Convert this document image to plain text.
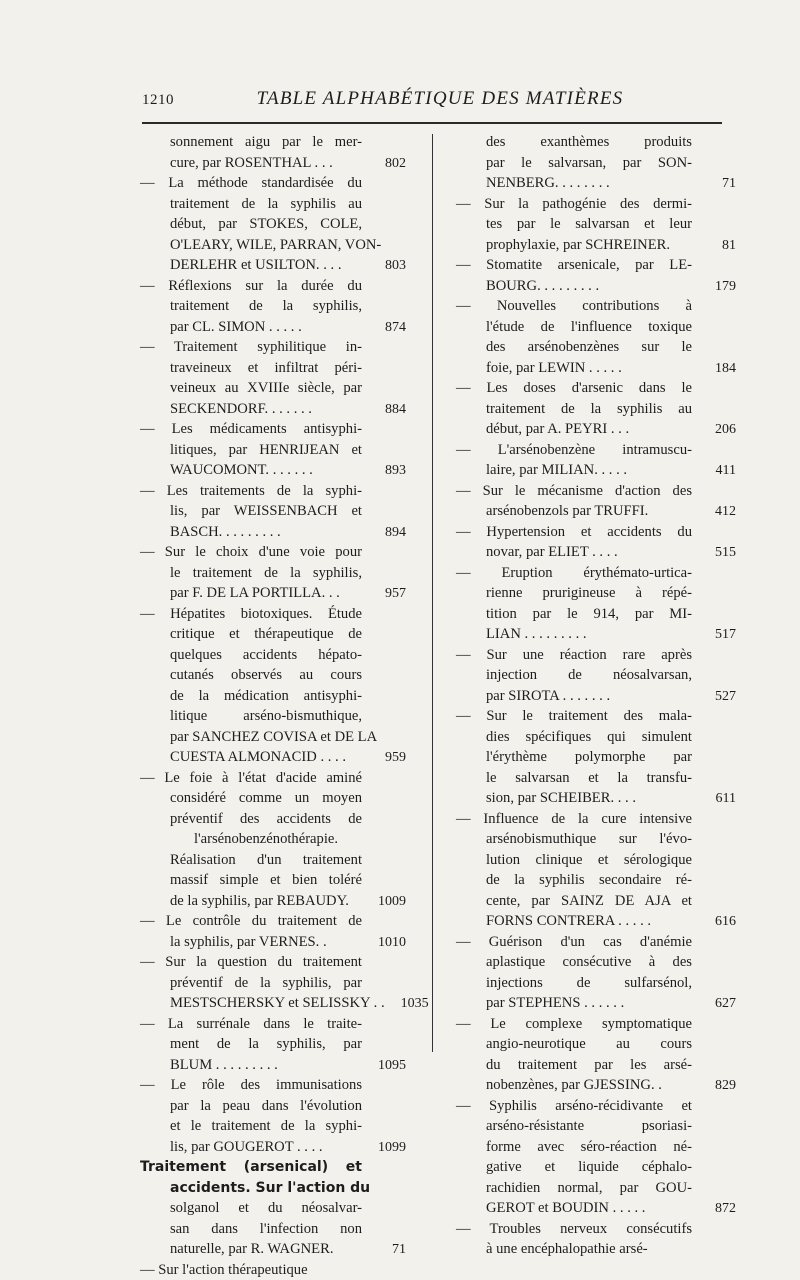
1210	TABLE ALPHABÉTIQUE DES MATIÈRES
sonnement aigu par le mer-
cure, par ROSENTHAL . . .	802
— La méthode standardisée du
traitement de la syphilis au
début, par STOKES, COLE,
O'LEARY, WILE, PARRAN, VON-
DERLEHR et USILTON. . . .	803
— Réflexions sur la durée du
traitement de la syphilis,
par CL. SIMON . . . . .	874
— Traitement syphilitique in-
traveineux et infiltrat péri-
veineux au XVIIIe siècle, par
SECKENDORF. . . . . . .	884
— Les médicaments antisyphi-
litiques, par HENRIJEAN et
WAUCOMONT. . . . . . .	893
— Les traitements de la syphi-
lis, par WEISSENBACH et
BASCH. . . . . . . . .	894
— Sur le choix d'une voie pour
le traitement de la syphilis,
par F. DE LA PORTILLA. . .	957
— Hépatites biotoxiques. Étude
critique et thérapeutique de
quelques accidents hépato-
cutanés observés au cours
de la médication antisyphi-
litique arséno-bismuthique,
par SANCHEZ COVISA et DE LA
CUESTA ALMONACID . . . .	959
— Le foie à l'état d'acide aminé
considéré comme un moyen
préventif des accidents de
l'arsénobenzénothérapie.
Réalisation d'un traitement
massif simple et bien toléré
de la syphilis, par REBAUDY.	1009
— Le contrôle du traitement de
la syphilis, par VERNES. .	1010
— Sur la question du traitement
préventif de la syphilis, par
MESTSCHERSKY et SELISSKY . .	1035
— La surrénale dans le traite-
ment de la syphilis, par
BLUM . . . . . . . . .	1095
— Le rôle des immunisations
par la peau dans l'évolution
et le traitement de la syphi-
lis, par GOUGEROT . . . .	1099
Traitement (arsenical) et
accidents. Sur l'action du
solganol et du néosalvar-
san dans l'infection non
naturelle, par R. WAGNER.	71
— Sur l'action thérapeutique
des exanthèmes produits
par le salvarsan, par SON-
NENBERG. . . . . . . .	71
— Sur la pathogénie des dermi-
tes par le salvarsan et leur
prophylaxie, par SCHREINER.	81
— Stomatite arsenicale, par LE-
BOURG. . . . . . . . .	179
— Nouvelles contributions à
l'étude de l'influence toxique
des arsénobenzènes sur le
foie, par LEWIN . . . . .	184
— Les doses d'arsenic dans le
traitement de la syphilis au
début, par A. PEYRI . . .	206
— L'arsénobenzène intramuscu-
laire, par MILIAN. . . . .	411
— Sur le mécanisme d'action des
arsénobenzols par TRUFFI.	412
— Hypertension et accidents du
novar, par ELIET . . . .	515
— Eruption érythémato-urtica-
rienne prurigineuse à répé-
tition par le 914, par MI-
LIAN . . . . . . . . .	517
— Sur une réaction rare après
injection de néosalvarsan,
par SIROTA . . . . . . .	527
— Sur le traitement des mala-
dies spécifiques qui simulent
l'érythème polymorphe par
le salvarsan et la transfu-
sion, par SCHEIBER. . . .	611
— Influence de la cure intensive
arsénobismuthique sur l'évo-
lution clinique et sérologique
de la syphilis secondaire ré-
cente, par SAINZ DE AJA et
FORNS CONTRERA . . . . .	616
— Guérison d'un cas d'anémie
aplastique consécutive à des
injections de sulfarsénol,
par STEPHENS . . . . . .	627
— Le complexe symptomatique
angio-neurotique au cours
du traitement par les arsé-
nobenzènes, par GJESSING. .	829
— Syphilis arséno-récidivante et
arséno-résistante psoriasi-
forme avec séro-réaction né-
gative et liquide céphalo-
rachidien normal, par GOU-
GEROT et BOUDIN . . . . .	872
— Troubles nerveux consécutifs
à une encéphalopathie arsé-
